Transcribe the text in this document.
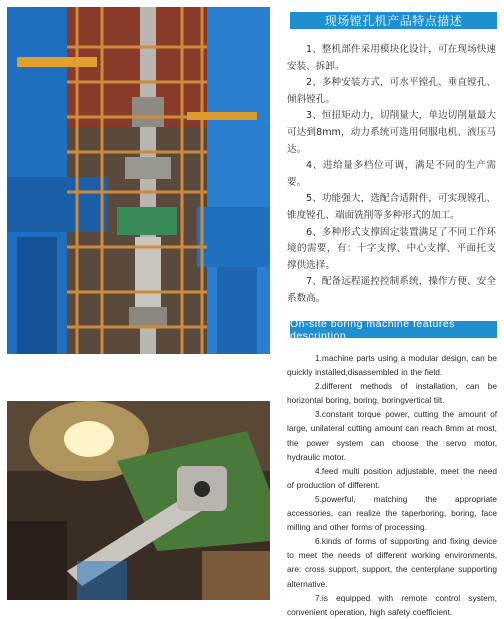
现场镗孔机产品特点描述

1、整机部件采用模块化设计，可在现场快速安装、拆卸。

2、多种安装方式，可水平镗孔、垂直镗孔、倾斜镗孔。

3、恒扭矩动力，切削量大，单边切削量最大可达到8mm，动力系统可选用伺服电机、液压马达。

4、进给量多档位可调，满足不同的生产需要。

5、功能强大，选配合适附件，可实现镗孔、锥度镗孔、端面铣削等多种形式的加工。

6、多种形式支撑固定装置满足了不同工作环境的需要，有：十字支撑、中心支撑、平面托支撑供选择。

7、配备远程遥控控制系统，操作方便、安全系数高。

On-site boring machine features description

1.machine parts using a modular design, can be quickly installed,disassembled in the field.

2.different methods of installation, can be horizontal boring, boring, boringvertical tilt.

3.constant torque power, cutting the amount of large, unilateral cutting amount can reach 8mm at most, the power system can choose the servo motor, hydraulic motor.

4.feed multi position adjustable, meet the need of production of different.

5.powerful, matching the appropriate accessories, can realize the taperboring, boring, face milling and other forms of processing.

6.kinds of forms of supporting and fixing device to meet the needs of different working environments, are: cross support, support, the centerplane supporting alternative.

7.is equipped with remote control system, convenient operation, high safety coefficient.
